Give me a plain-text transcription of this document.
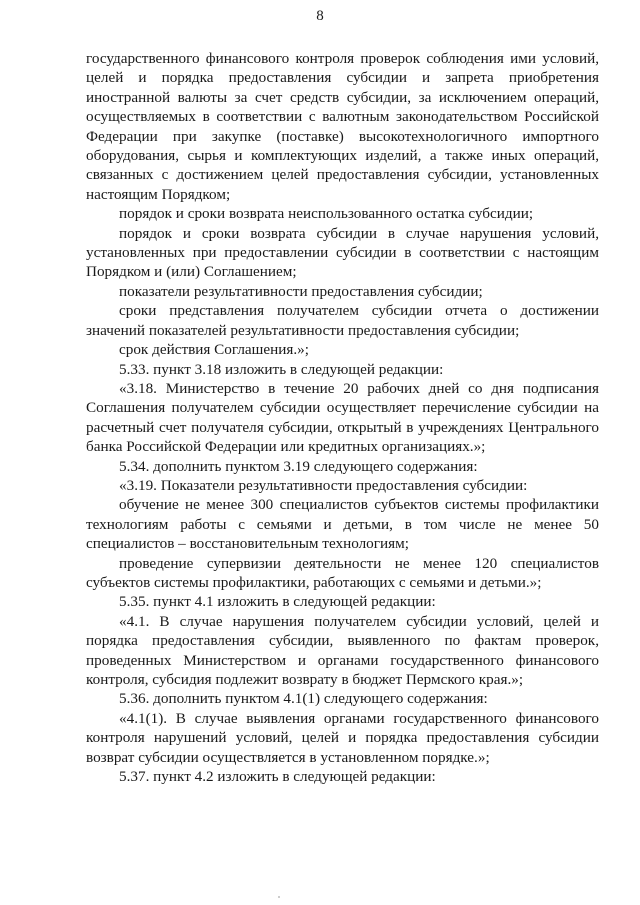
8

государственного финансового контроля проверок соблюдения ими условий, целей и порядка предоставления субсидии и запрета приобретения иностранной валюты за счет средств субсидии, за исключением операций, осуществляемых в соответствии с валютным законодательством Российской Федерации при закупке (поставке) высокотехнологичного импортного оборудования, сырья и комплектующих изделий, а также иных операций, связанных с достижением целей предоставления субсидии, установленных настоящим Порядком;

порядок и сроки возврата неиспользованного остатка субсидии;

порядок и сроки возврата субсидии в случае нарушения условий, установленных при предоставлении субсидии в соответствии с настоящим Порядком и (или) Соглашением;

показатели результативности предоставления субсидии;

сроки представления получателем субсидии отчета о достижении значений показателей результативности предоставления субсидии;

срок действия Соглашения.»;

5.33. пункт 3.18 изложить в следующей редакции:

«3.18. Министерство в течение 20 рабочих дней со дня подписания Соглашения получателем субсидии осуществляет перечисление субсидии на расчетный счет получателя субсидии, открытый в учреждениях Центрального банка Российской Федерации или кредитных организациях.»;

5.34. дополнить пунктом 3.19 следующего содержания:

«3.19. Показатели результативности предоставления субсидии:

обучение не менее 300 специалистов субъектов системы профилактики технологиям работы с семьями и детьми, в том числе не менее 50 специалистов – восстановительным технологиям;

проведение супервизии деятельности не менее 120 специалистов субъектов системы профилактики, работающих с семьями и детьми.»;

5.35. пункт 4.1 изложить в следующей редакции:

«4.1. В случае нарушения получателем субсидии условий, целей и порядка предоставления субсидии, выявленного по фактам проверок, проведенных Министерством и органами государственного финансового контроля, субсидия подлежит возврату в бюджет Пермского края.»;

5.36. дополнить пунктом 4.1(1) следующего содержания:

«4.1(1). В случае выявления органами государственного финансового контроля нарушений условий, целей и порядка предоставления субсидии возврат субсидии осуществляется в установленном порядке.»;

5.37. пункт 4.2 изложить в следующей редакции:
